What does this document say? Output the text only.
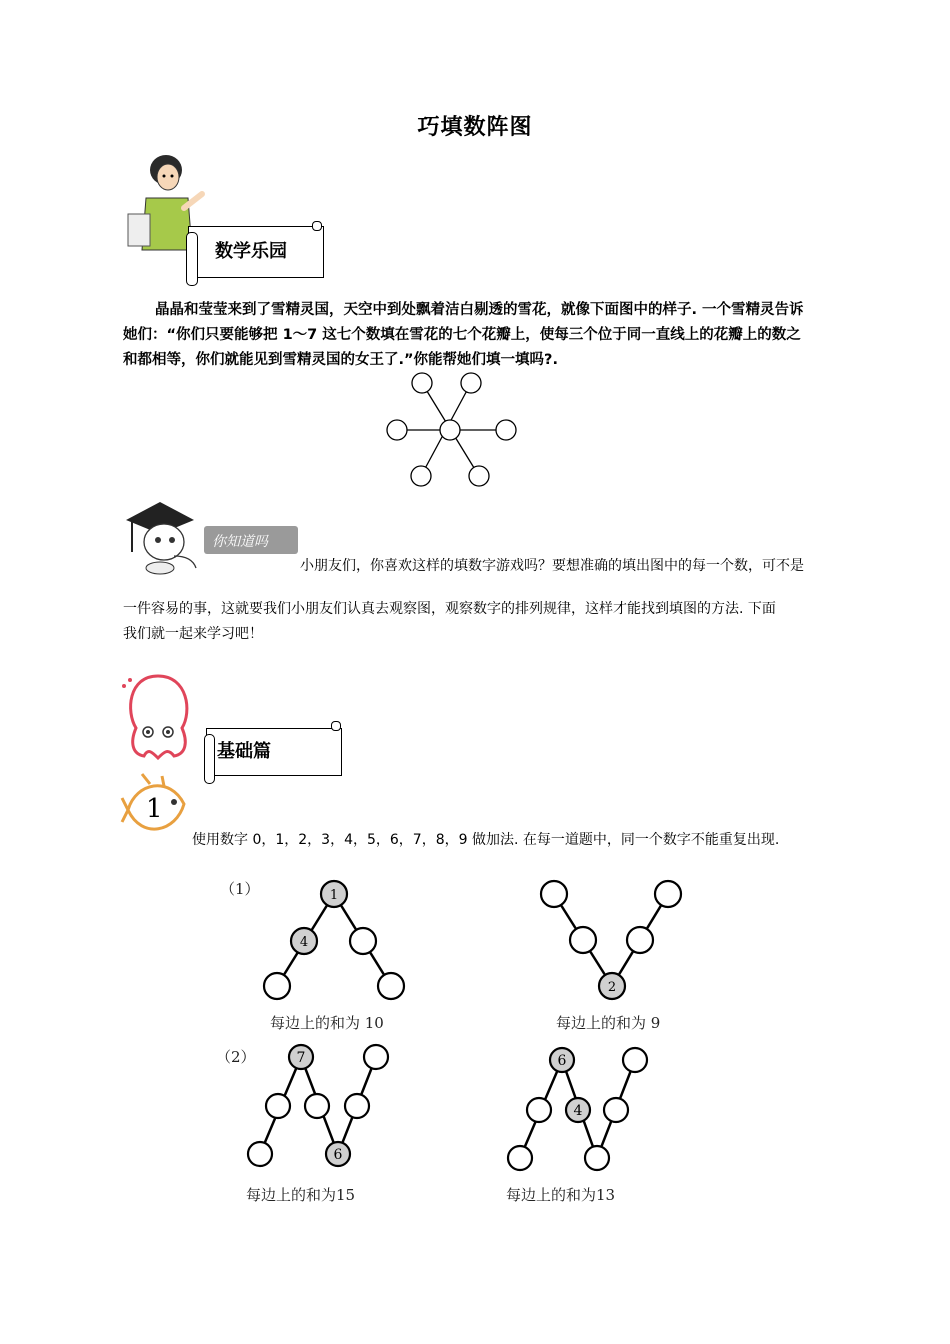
巧填数阵图
数学乐园
晶晶和莹莹来到了雪精灵国，天空中到处飘着洁白剔透的雪花，就像下面图中的样子. 一个雪精灵告诉
她们：“你们只要能够把 1～7 这七个数填在雪花的七个花瓣上，使每三个位于同一直线上的花瓣上的数之
和都相等，你们就能见到雪精灵国的女王了.”你能帮她们填一填吗?.
你知道吗
小朋友们，你喜欢这样的填数字游戏吗？要想准确的填出图中的每一个数，可不是
一件容易的事，这就要我们小朋友们认真去观察图，观察数字的排列规律，这样才能找到填图的方法. 下面
我们就一起来学习吧！
基础篇
1
使用数字 0，1，2，3，4，5，6，7，8，9 做加法. 在每一道题中，同一个数字不能重复出现.
（1）
（2）
1
4
每边上的和为 10
2
每边上的和为 9
7
6
每边上的和为15
6
4
每边上的和为13
